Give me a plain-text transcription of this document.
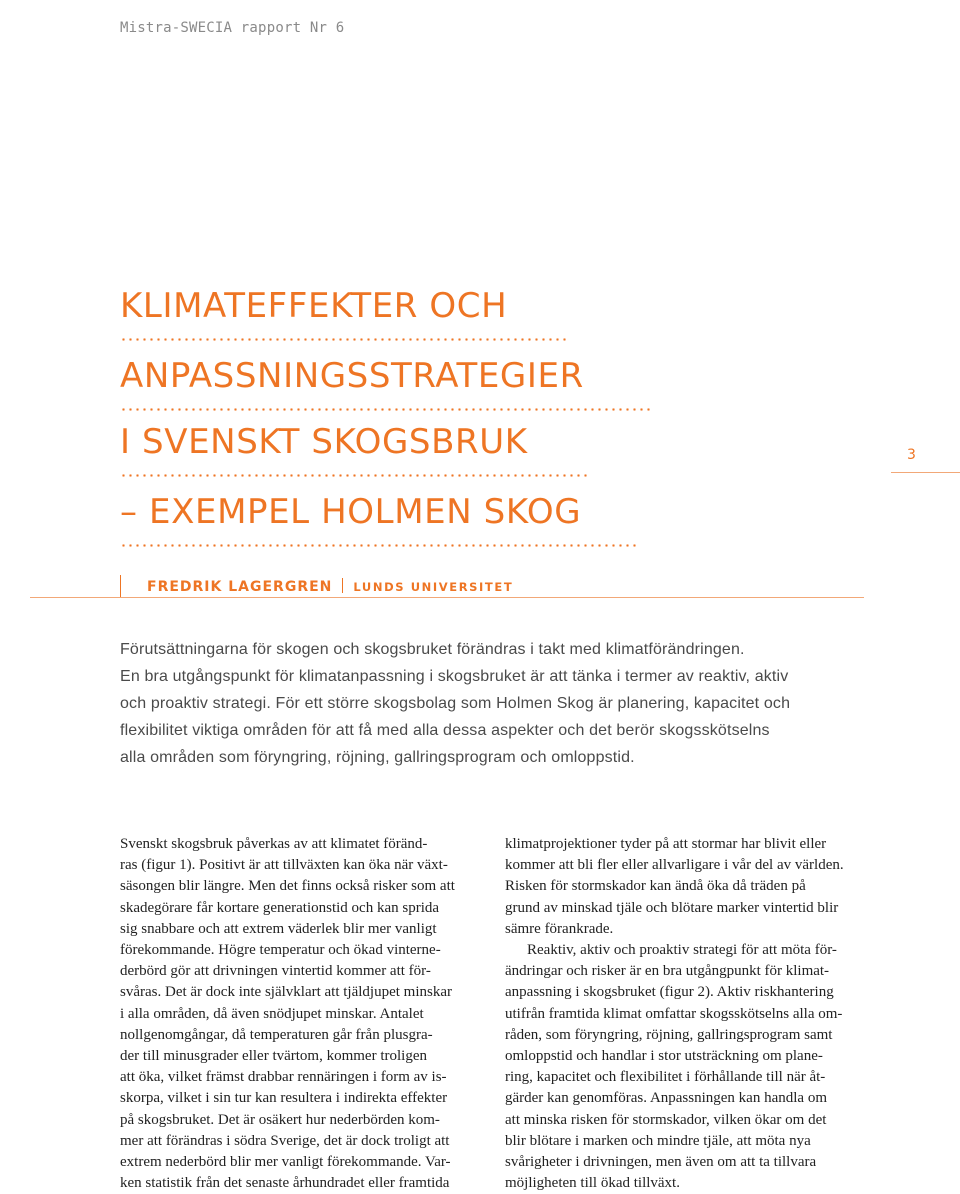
Mistra-SWECIA rapport Nr 6
KLIMATEFFEKTER OCH
ANPASSNINGSSTRATEGIER
I SVENSKT SKOGSBRUK
– EXEMPEL HOLMEN SKOG
3
FREDRIK LAGERGREN LUNDS UNIVERSITET
Förutsättningarna för skogen och skogsbruket förändras i takt med klimatförändringen.
En bra utgångspunkt för klimatanpassning i skogsbruket är att tänka i termer av reaktiv, aktiv
och proaktiv strategi. För ett större skogsbolag som Holmen Skog är planering, kapacitet och
flexibilitet viktiga områden för att få med alla dessa aspekter och det berör skogsskötselns
alla områden som föryngring, röjning, gallringsprogram och omloppstid.
Svenskt skogsbruk påverkas av att klimatet föränd-
ras (figur 1). Positivt är att tillväxten kan öka när växt-
säsongen blir längre. Men det finns också risker som att
skadegörare får kortare generationstid och kan sprida
sig snabbare och att extrem väderlek blir mer vanligt
förekommande. Högre temperatur och ökad vinterne-
derbörd gör att drivningen vintertid kommer att för-
svåras. Det är dock inte självklart att tjäldjupet minskar
i alla områden, då även snödjupet minskar. Antalet
nollgenomgångar, då temperaturen går från plusgra-
der till minusgrader eller tvärtom, kommer troligen
att öka, vilket främst drabbar rennäringen i form av is-
skorpa, vilket i sin tur kan resultera i indirekta effekter
på skogsbruket. Det är osäkert hur nederbörden kom-
mer att förändras i södra Sverige, det är dock troligt att
extrem nederbörd blir mer vanligt förekommande. Var-
ken statistik från det senaste århundradet eller framtida
klimatprojektioner tyder på att stormar har blivit eller
kommer att bli fler eller allvarligare i vår del av världen.
Risken för stormskador kan ändå öka då träden på
grund av minskad tjäle och blötare marker vintertid blir
sämre förankrade.
Reaktiv, aktiv och proaktiv strategi för att möta för-
ändringar och risker är en bra utgångpunkt för klimat-
anpassning i skogsbruket (figur 2). Aktiv riskhantering
utifrån framtida klimat omfattar skogsskötselns alla om-
råden, som föryngring, röjning, gallringsprogram samt
omloppstid och handlar i stor utsträckning om plane-
ring, kapacitet och flexibilitet i förhållande till när åt-
gärder kan genomföras. Anpassningen kan handla om
att minska risken för stormskador, vilken ökar om det
blir blötare i marken och mindre tjäle, att möta nya
svårigheter i drivningen, men även om att ta tillvara
möjligheten till ökad tillväxt.
